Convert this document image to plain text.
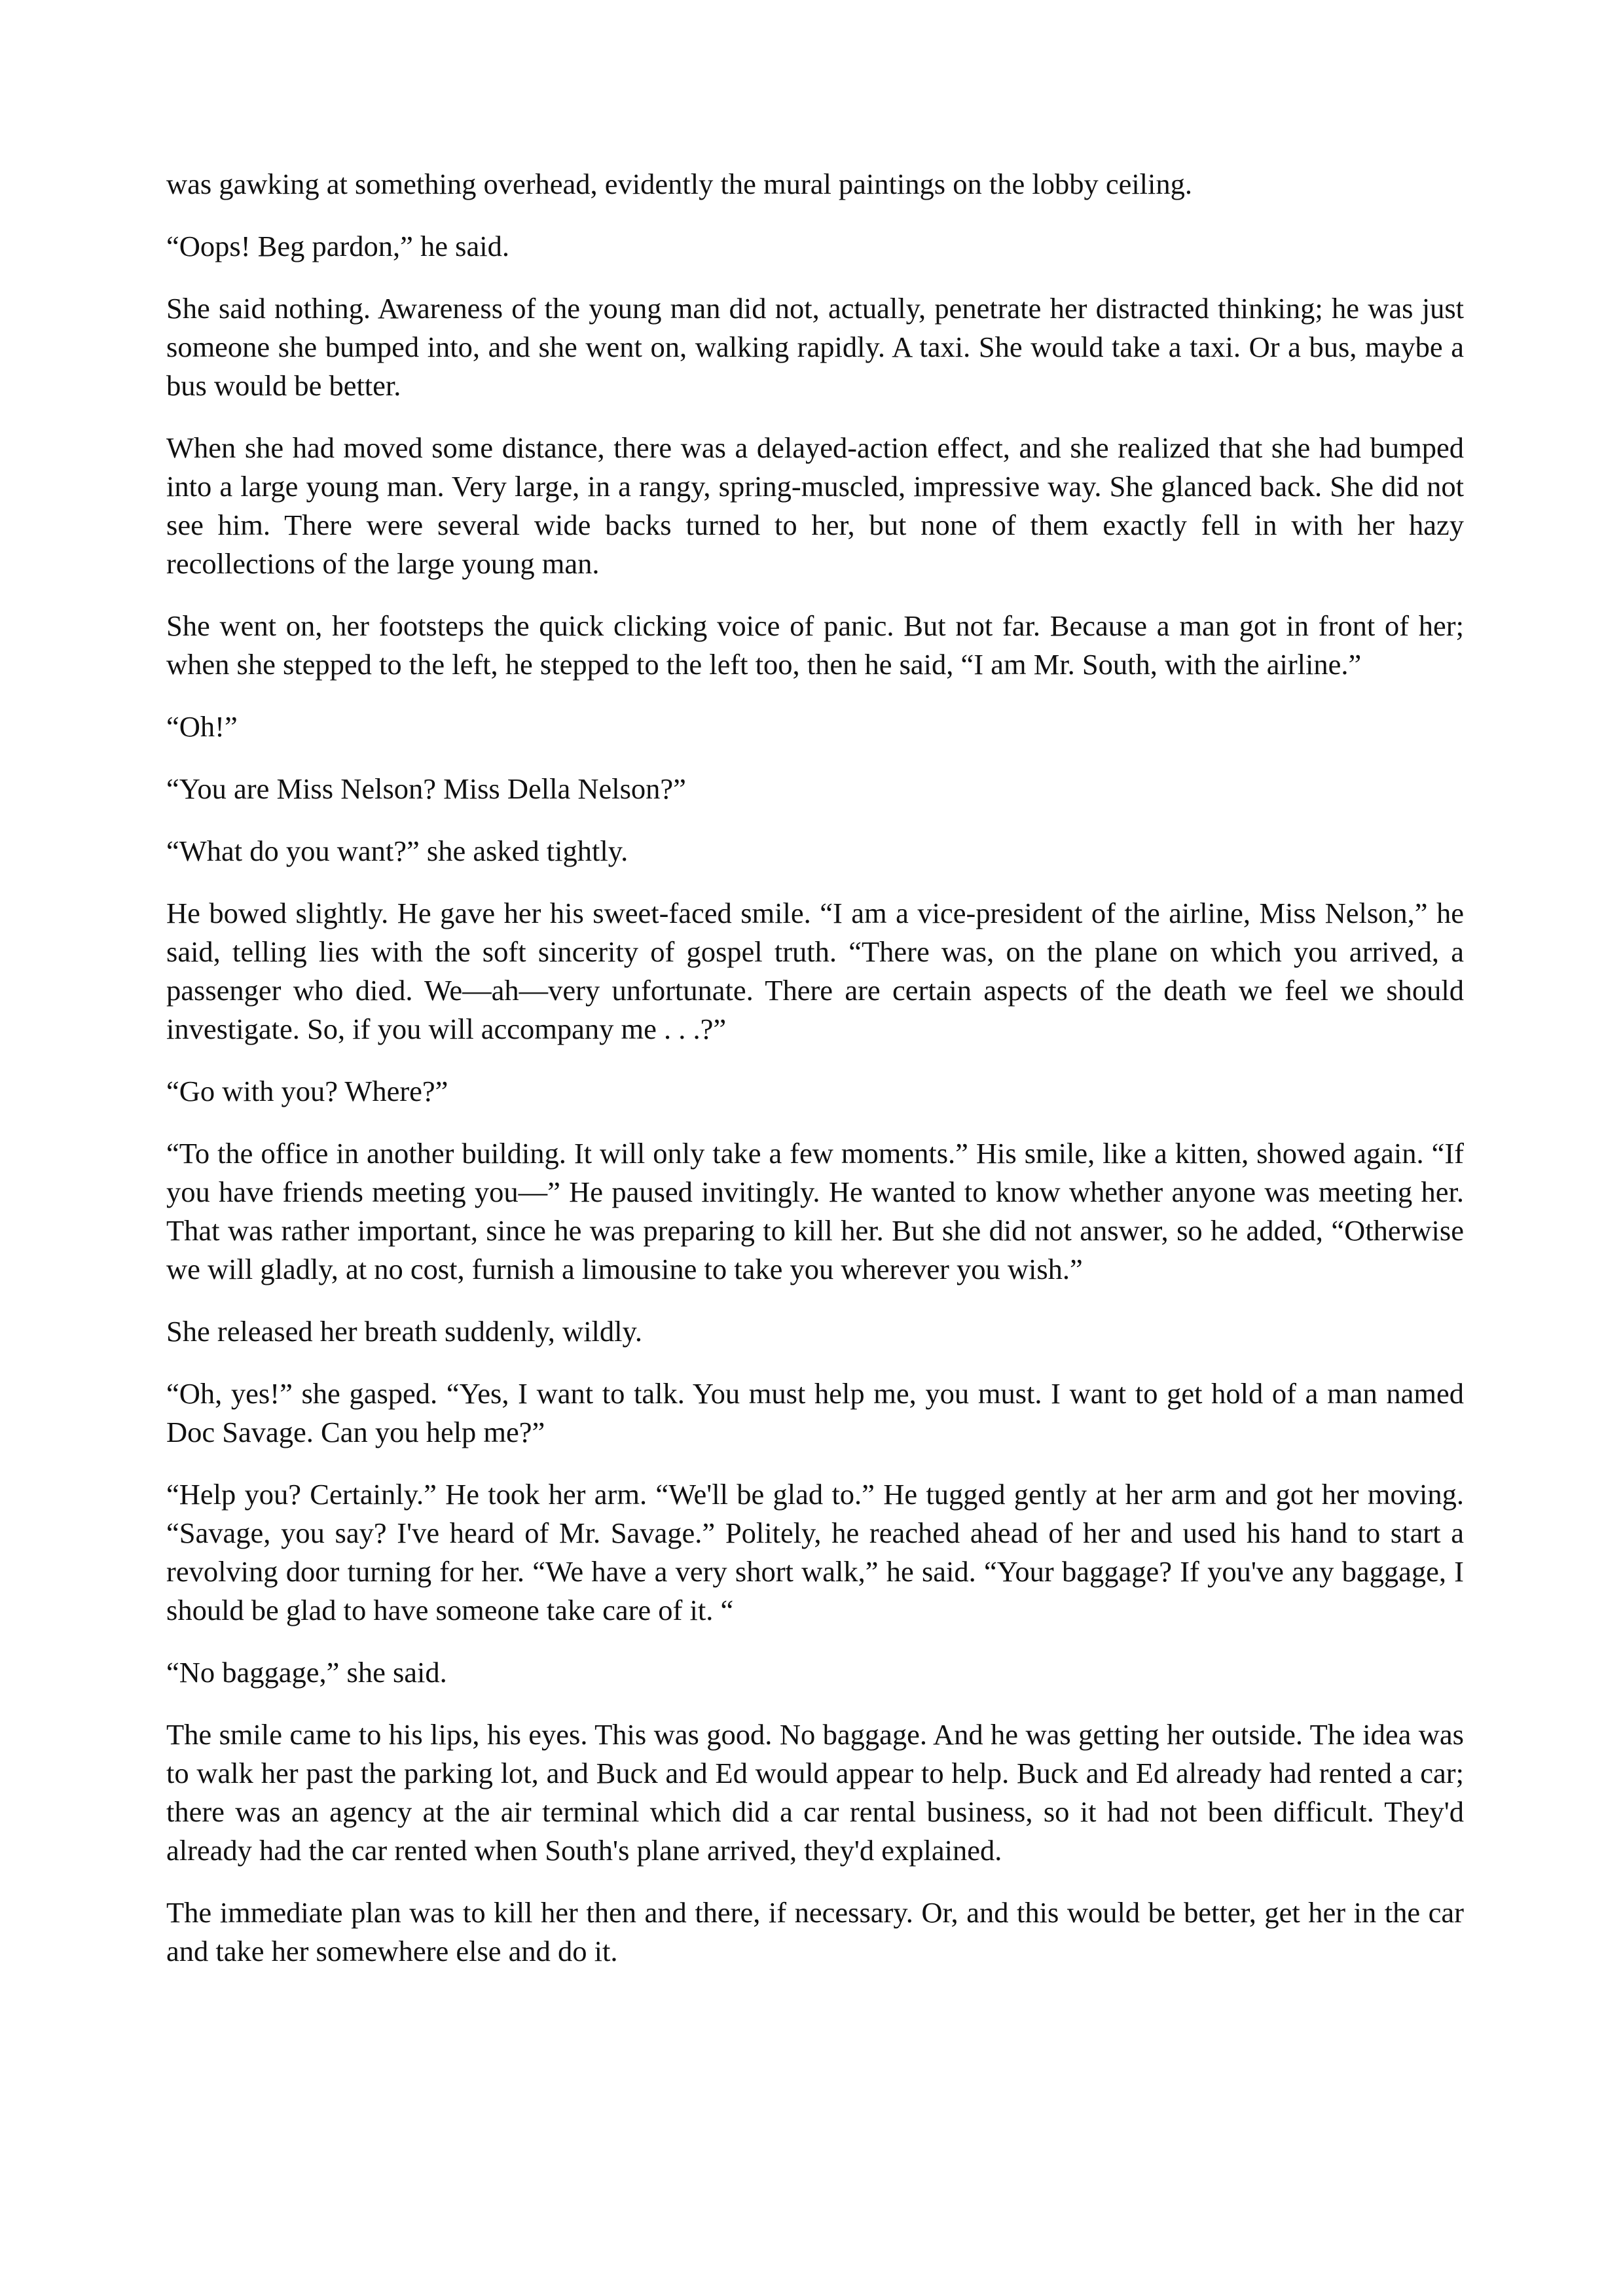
was gawking at something overhead, evidently the mural paintings on the lobby ceiling.

“Oops! Beg pardon,” he said.

She said nothing. Awareness of the young man did not, actually, penetrate her distracted thinking; he was just someone she bumped into, and she went on, walking rapidly. A taxi. She would take a taxi. Or a bus, maybe a bus would be better.

When she had moved some distance, there was a delayed-action effect, and she realized that she had bumped into a large young man. Very large, in a rangy, spring-muscled, impressive way. She glanced back. She did not see him. There were several wide backs turned to her, but none of them exactly fell in with her hazy recollections of the large young man.

She went on, her footsteps the quick clicking voice of panic. But not far. Because a man got in front of her; when she stepped to the left, he stepped to the left too, then he said, “I am Mr. South, with the airline.”

“Oh!”

“You are Miss Nelson? Miss Della Nelson?”

“What do you want?” she asked tightly.

He bowed slightly. He gave her his sweet-faced smile. “I am a vice-president of the airline, Miss Nelson,” he said, telling lies with the soft sincerity of gospel truth. “There was, on the plane on which you arrived, a passenger who died. We—ah—very unfortunate. There are certain aspects of the death we feel we should investigate. So, if you will accompany me . . .?”

“Go with you? Where?”

“To the office in another building. It will only take a few moments.” His smile, like a kitten, showed again. “If you have friends meeting you—” He paused invitingly. He wanted to know whether anyone was meeting her. That was rather important, since he was preparing to kill her. But she did not answer, so he added, “Otherwise we will gladly, at no cost, furnish a limousine to take you wherever you wish.”

She released her breath suddenly, wildly.

“Oh, yes!” she gasped. “Yes, I want to talk. You must help me, you must. I want to get hold of a man named Doc Savage. Can you help me?”

“Help you? Certainly.” He took her arm. “We'll be glad to.” He tugged gently at her arm and got her moving. “Savage, you say? I've heard of Mr. Savage.” Politely, he reached ahead of her and used his hand to start a revolving door turning for her. “We have a very short walk,” he said. “Your baggage? If you've any baggage, I should be glad to have someone take care of it. “

“No baggage,” she said.

The smile came to his lips, his eyes. This was good. No baggage. And he was getting her outside. The idea was to walk her past the parking lot, and Buck and Ed would appear to help. Buck and Ed already had rented a car; there was an agency at the air terminal which did a car rental business, so it had not been difficult. They'd already had the car rented when South's plane arrived, they'd explained.

The immediate plan was to kill her then and there, if necessary. Or, and this would be better, get her in the car and take her somewhere else and do it.
